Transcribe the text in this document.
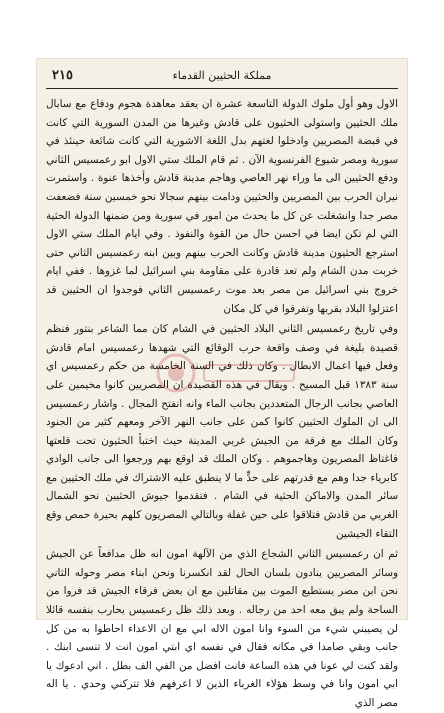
٢١٥	مملكة الحثيين القدماء

الاول وهو أول ملوك الدولة التاسعة عشرة ان يعقد معاهدة هجوم ودفاع مع سابال ملك الحثيين واستولى الحثيون على قادش وغيرها من المدن السورية التي كانت في قبضة المصريين وادخلوا لغتهم بدل اللغة الاشورية التي كانت شائعة حينئذ في سورية ومصر شيوع الفرنسوية الآن . ثم قام الملك ستي الاول ابو رعمسيس الثاني ودفع الحثيين الى ما وراء نهر العاصي وهاجم مدينة قادش وأخذها عنوة . واستمرت نيران الحرب بين المصريين والحثيين ودامت بينهم سجالا نحو خمسين سنة فضعفت مصر جدا وانشغلت عن كل ما يحدث من امور في سورية ومن ضمنها الدولة الحثية التي لم تكن ايضا في احسن حال من القوة والنفوذ . وفي ايام الملك ستي الاول استرجع الحثيون مدينة قادش وكانت الحرب بينهم وبين ابنه رعمسيس الثاني حتى خربت مدن الشام ولم تعد قادرة على مقاومة بني اسرائيل لما غزوها . ففي ايام خروج بني اسرائيل من مصر بعد موت رعمسيس الثاني فوجدوا ان الحثيين قد اعتزلوا البلاد بقربها وتفرقوا في كل مكان

وفي تاريخ رعمسيس الثاني البلاد الحثيين في الشام كان مما الشاعر بنتور فنظم قصيدة بليغة في وصف واقعة حرب الوقائع التي شهدها رعمسيس امام قادش وفعل فيها اعمال الابطال . وكان ذلك في السنة الخامسة من حكم رعمسيس اي سنة ١٣٨٣ قبل المسيح . ويقال في هذه القصيدة ان المصريين كانوا مخيمين على العاصي بجانب الرجال المتعددين بجانب الماء وانه انفتح المجال . واشار رعمسيس الى ان الملوك الحثيين كانوا كمن على جانب النهر الآخر ومعهم كثير من الجنود وكان الملك مع فرقة من الجيش غربي المدينة حيث اختبأ الحثيون تحت قلعتها فاغتاظ المصريون وهاجموهم . وكان الملك قد اوقع بهم ورجعوا الى جانب الوادي كابرياء جدا وهم مع قدرتهم على حدٍّ ما لا ينطبق عليه الاشتراك في ملك الحثيين مع سائر المدن والاماكن الحثية في الشام . فتقدموا جيوش الحثيين نحو الشمال الغربي من قادش فتلاقوا على حين غفلة وبالتالي المصريون كلهم بحيرة حمص وقع التقاء الجيشين

ثم ان رعمسيس الثاني الشجاع الذي من الآلهة امون انه ظل مدافعاً عن الجيش وسائر المصريين ينادون بلسان الحال لقد انكسرنا ونحن ابناء مصر وحوله الثاني نحن ابن مصر يستطيع الموت بين مقاتلين مع ان بعض فرقاء الجيش قد فروا من الساحة ولم يبق معه احد من رجاله . وبعد ذلك ظل رعمسيس يحارب بنفسه قائلا لن يصيبني شيء من السوء وانا امون الاله ابي مع ان الاعداء احاطوا به من كل جانب وبقي صامدا في مكانه فقال في نفسه اي ابتي امون انت لا تنسى ابنك . ولقد كنت لي عونا في هذه الساعة فانت افضل من الفي الف بطل . اني ادعوك يا ابي امون وانا في وسط هؤلاء الغرباء الذين لا اعرفهم فلا تتركني وحدي . يا اله مصر الذي
